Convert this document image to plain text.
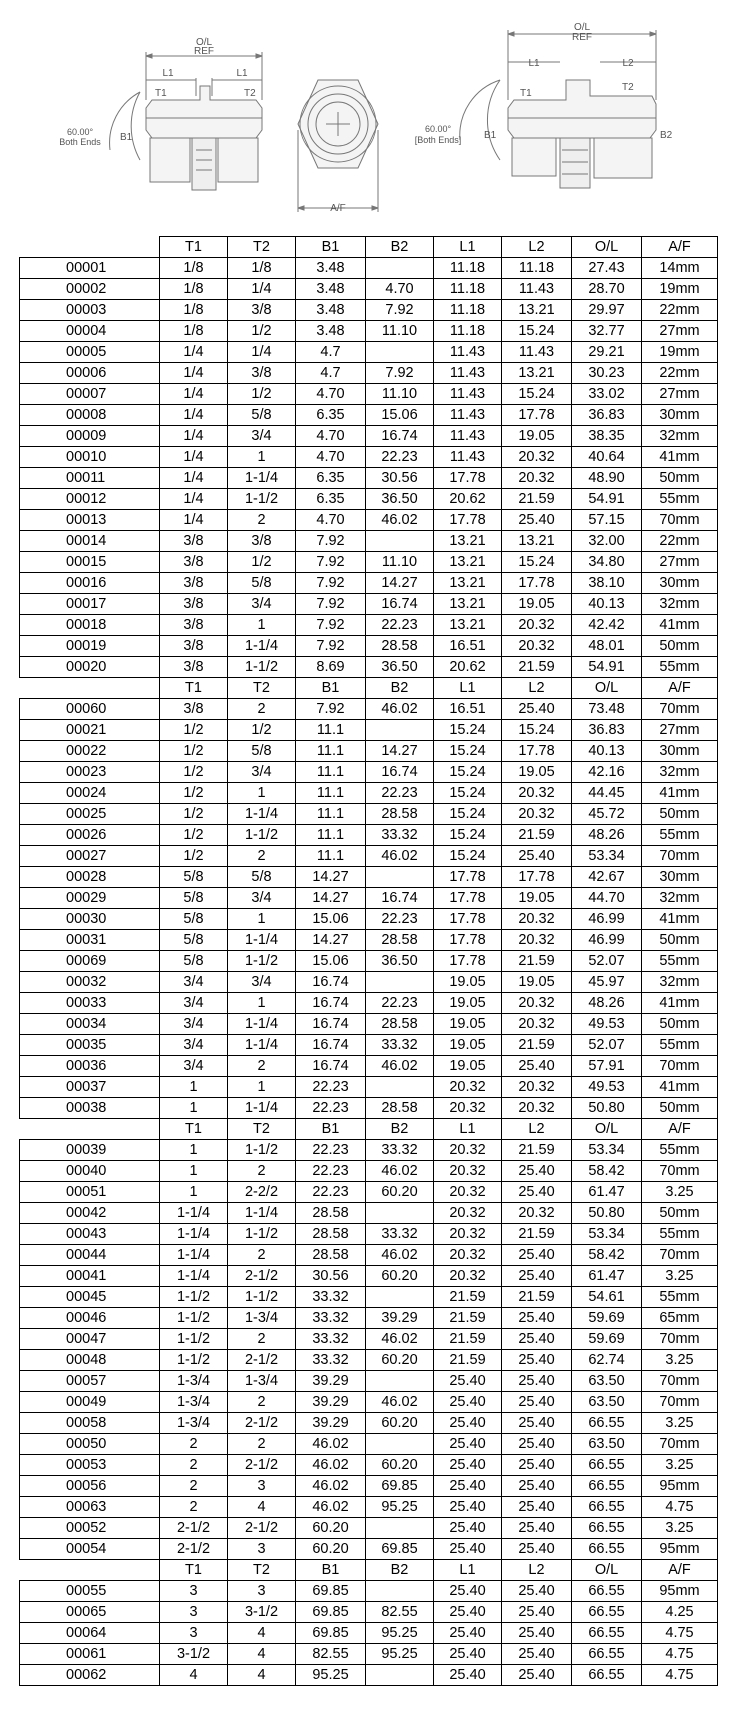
O/L
REF
L1	L1
T1	T2
B1
60.00°
Both Ends
A/F
O/L
REF
L1	L2
T1
T2
B1	B2
60.00°
[Both Ends]
	T1	T2	B1	B2	L1	L2	O/L	A/F
00001	1/8	1/8	3.48		11.18	11.18	27.43	14mm
00002	1/8	1/4	3.48	4.70	11.18	11.43	28.70	19mm
00003	1/8	3/8	3.48	7.92	11.18	13.21	29.97	22mm
00004	1/8	1/2	3.48	11.10	11.18	15.24	32.77	27mm
00005	1/4	1/4	4.7		11.43	11.43	29.21	19mm
00006	1/4	3/8	4.7	7.92	11.43	13.21	30.23	22mm
00007	1/4	1/2	4.70	11.10	11.43	15.24	33.02	27mm
00008	1/4	5/8	6.35	15.06	11.43	17.78	36.83	30mm
00009	1/4	3/4	4.70	16.74	11.43	19.05	38.35	32mm
00010	1/4	1	4.70	22.23	11.43	20.32	40.64	41mm
00011	1/4	1-1/4	6.35	30.56	17.78	20.32	48.90	50mm
00012	1/4	1-1/2	6.35	36.50	20.62	21.59	54.91	55mm
00013	1/4	2	4.70	46.02	17.78	25.40	57.15	70mm
00014	3/8	3/8	7.92		13.21	13.21	32.00	22mm
00015	3/8	1/2	7.92	11.10	13.21	15.24	34.80	27mm
00016	3/8	5/8	7.92	14.27	13.21	17.78	38.10	30mm
00017	3/8	3/4	7.92	16.74	13.21	19.05	40.13	32mm
00018	3/8	1	7.92	22.23	13.21	20.32	42.42	41mm
00019	3/8	1-1/4	7.92	28.58	16.51	20.32	48.01	50mm
00020	3/8	1-1/2	8.69	36.50	20.62	21.59	54.91	55mm
	T1	T2	B1	B2	L1	L2	O/L	A/F
00060	3/8	2	7.92	46.02	16.51	25.40	73.48	70mm
00021	1/2	1/2	11.1		15.24	15.24	36.83	27mm
00022	1/2	5/8	11.1	14.27	15.24	17.78	40.13	30mm
00023	1/2	3/4	11.1	16.74	15.24	19.05	42.16	32mm
00024	1/2	1	11.1	22.23	15.24	20.32	44.45	41mm
00025	1/2	1-1/4	11.1	28.58	15.24	20.32	45.72	50mm
00026	1/2	1-1/2	11.1	33.32	15.24	21.59	48.26	55mm
00027	1/2	2	11.1	46.02	15.24	25.40	53.34	70mm
00028	5/8	5/8	14.27		17.78	17.78	42.67	30mm
00029	5/8	3/4	14.27	16.74	17.78	19.05	44.70	32mm
00030	5/8	1	15.06	22.23	17.78	20.32	46.99	41mm
00031	5/8	1-1/4	14.27	28.58	17.78	20.32	46.99	50mm
00069	5/8	1-1/2	15.06	36.50	17.78	21.59	52.07	55mm
00032	3/4	3/4	16.74		19.05	19.05	45.97	32mm
00033	3/4	1	16.74	22.23	19.05	20.32	48.26	41mm
00034	3/4	1-1/4	16.74	28.58	19.05	20.32	49.53	50mm
00035	3/4	1-1/4	16.74	33.32	19.05	21.59	52.07	55mm
00036	3/4	2	16.74	46.02	19.05	25.40	57.91	70mm
00037	1	1	22.23		20.32	20.32	49.53	41mm
00038	1	1-1/4	22.23	28.58	20.32	20.32	50.80	50mm
	T1	T2	B1	B2	L1	L2	O/L	A/F
00039	1	1-1/2	22.23	33.32	20.32	21.59	53.34	55mm
00040	1	2	22.23	46.02	20.32	25.40	58.42	70mm
00051	1	2-2/2	22.23	60.20	20.32	25.40	61.47	3.25
00042	1-1/4	1-1/4	28.58		20.32	20.32	50.80	50mm
00043	1-1/4	1-1/2	28.58	33.32	20.32	21.59	53.34	55mm
00044	1-1/4	2	28.58	46.02	20.32	25.40	58.42	70mm
00041	1-1/4	2-1/2	30.56	60.20	20.32	25.40	61.47	3.25
00045	1-1/2	1-1/2	33.32		21.59	21.59	54.61	55mm
00046	1-1/2	1-3/4	33.32	39.29	21.59	25.40	59.69	65mm
00047	1-1/2	2	33.32	46.02	21.59	25.40	59.69	70mm
00048	1-1/2	2-1/2	33.32	60.20	21.59	25.40	62.74	3.25
00057	1-3/4	1-3/4	39.29		25.40	25.40	63.50	70mm
00049	1-3/4	2	39.29	46.02	25.40	25.40	63.50	70mm
00058	1-3/4	2-1/2	39.29	60.20	25.40	25.40	66.55	3.25
00050	2	2	46.02		25.40	25.40	63.50	70mm
00053	2	2-1/2	46.02	60.20	25.40	25.40	66.55	3.25
00056	2	3	46.02	69.85	25.40	25.40	66.55	95mm
00063	2	4	46.02	95.25	25.40	25.40	66.55	4.75
00052	2-1/2	2-1/2	60.20		25.40	25.40	66.55	3.25
00054	2-1/2	3	60.20	69.85	25.40	25.40	66.55	95mm
	T1	T2	B1	B2	L1	L2	O/L	A/F
00055	3	3	69.85		25.40	25.40	66.55	95mm
00065	3	3-1/2	69.85	82.55	25.40	25.40	66.55	4.25
00064	3	4	69.85	95.25	25.40	25.40	66.55	4.75
00061	3-1/2	4	82.55	95.25	25.40	25.40	66.55	4.75
00062	4	4	95.25		25.40	25.40	66.55	4.75
